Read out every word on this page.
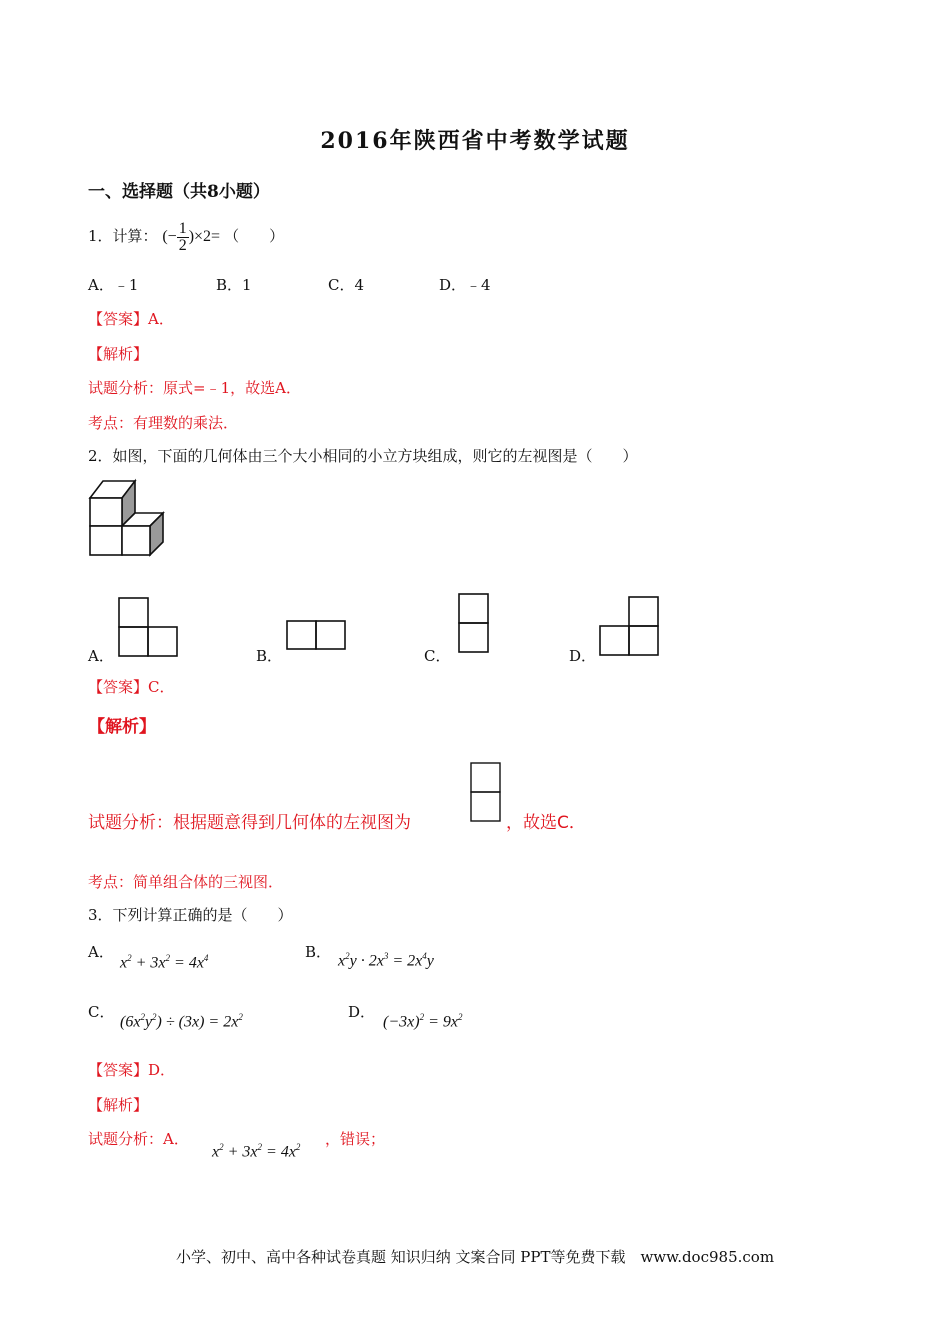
2016年陕西省中考数学试题
一、选择题（共8小题）
1．计算： (− $\frac{1}{2} )\times 2=$ （　　）
A．﹣1	B．1	C．4	D．﹣4
【答案】A．
【解析】
试题分析：原式=﹣1，故选A．
考点：有理数的乘法．
2．如图，下面的几何体由三个大小相同的小立方块组成，则它的左视图是（　　）
A．	B．	C．	D．
【答案】C．
【解析】
试题分析：根据题意得到几何体的左视图为	，故选C．
考点：简单组合体的三视图．
3．下列计算正确的是（　　）
A．
$x^2 + 3x^2 = 4x^4$	B． $x^2y \cdot 2x^3 = 2x^4y$
C．
$(6x^2y^2) \div (3x) = 2x^2$	D．
$(-3x)^2 = 9x^2$
【答案】D．
【解析】
试题分析：A．
$x^2 + 3x^2 = 4x^2$ ，错误；
小学、初中、高中各种试卷真题 知识归纳 文案合同 PPT等免费下载　www.doc985.com
